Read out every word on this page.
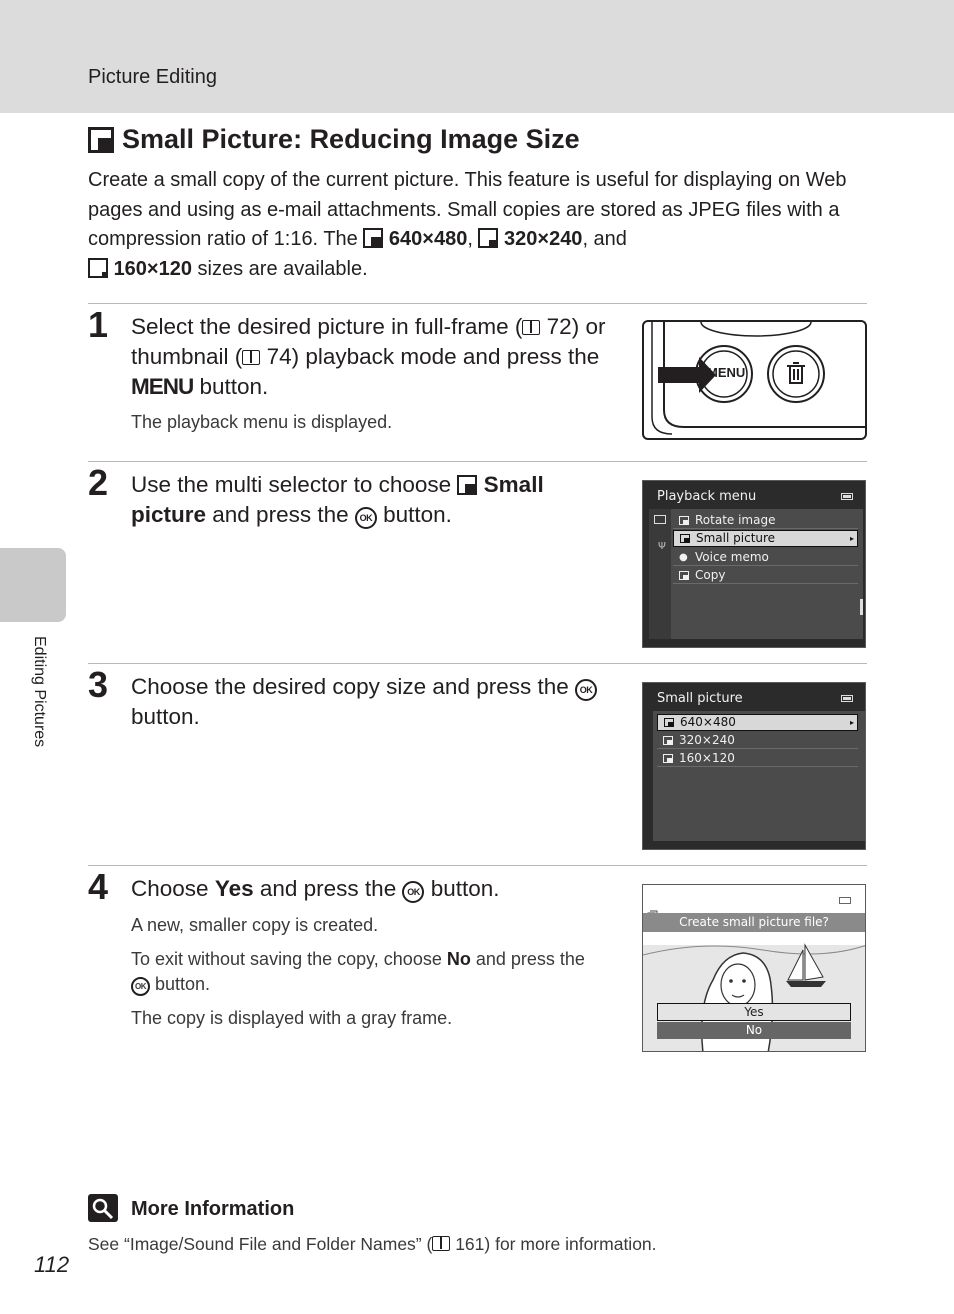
Picture Editing
Editing Pictures
Small Picture: Reducing Image Size

Create a small copy of the current picture. This feature is useful for displaying on Web pages and using as e-mail attachments. Small copies are stored as JPEG files with a compression ratio of 1:16. The
640×480,
320×240, and

160×120 sizes are available.

1 Select the desired picture in full-frame ( 72) or thumbnail ( 74) playback mode and press the MENU button.
The playback menu is displayed.
MENU
2 Use the multi selector to choose
Small picture and press the OK button.
Playback menu
Ψ
Rotate image
Small picture	▸
● Voice memo
Copy
3 Choose the desired copy size and press the OK
button.
Small picture
640×480	▸
320×240
160×120
4 Choose Yes and press the OK button.
A new, smaller copy is created.
To exit without saving the copy, choose No and press the
OK button.
The copy is displayed with a gray frame.
Create small picture file?
Yes
No
More Information
See “Image/Sound File and Folder Names” ( 161) for more information.
112
